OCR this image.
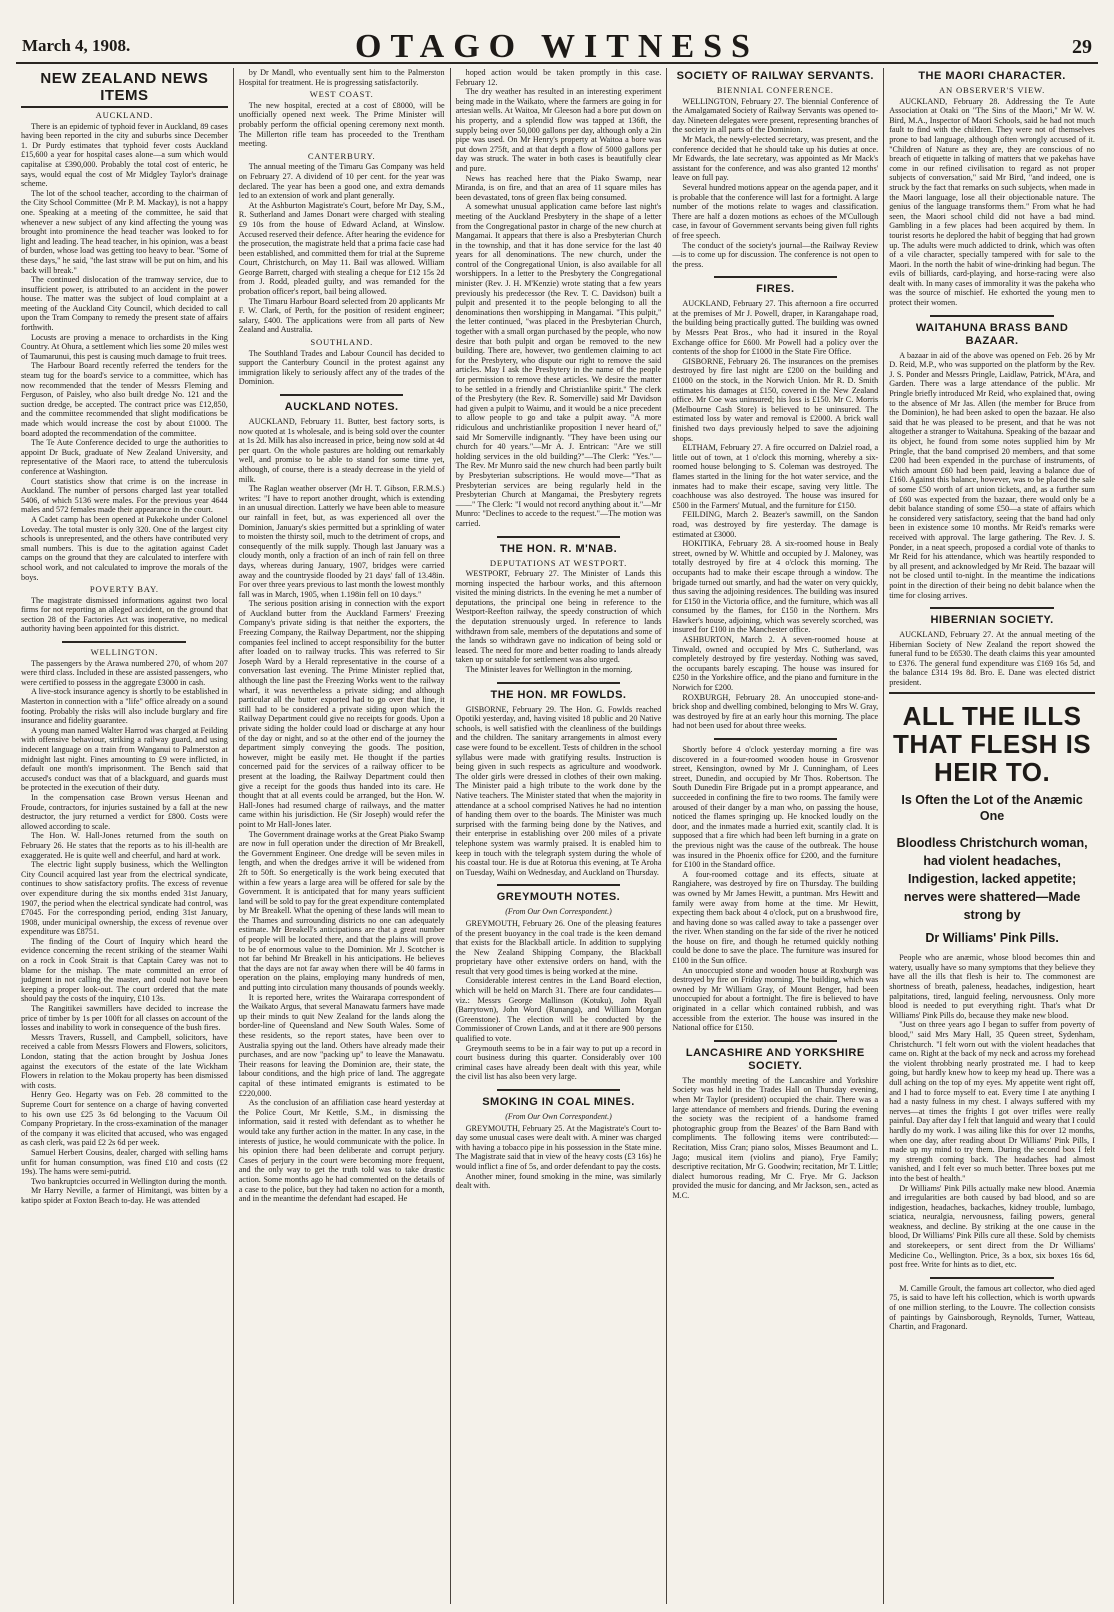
March 4, 1908.	OTAGO WITNESS	29
NEW ZEALAND NEWS ITEMS
AUCKLAND.

There is an epidemic of typhoid fever in Auckland, 89 cases having been reported in the city and suburbs since December 1. Dr Purdy estimates that typhoid fever costs Auckland £15,600 a year for hospital cases alone—a sum which would capitalise at £390,000. Probably the total cost of enteric, he says, would equal the cost of Mr Midgley Taylor's drainage scheme.

The lot of the school teacher, according to the chairman of the City School Committee (Mr P. M. Mackay), is not a happy one. Speaking at a meeting of the committee, he said that whenever a new subject of any kind affecting the young was brought into prominence the head teacher was looked to for light and leading. The head teacher, in his opinion, was a beast of burden, whose load was getting too heavy to bear. "Some of these days," he said, "the last straw will be put on him, and his back will break."

The continued dislocation of the tramway service, due to insufficient power, is attributed to an accident in the power house. The matter was the subject of loud complaint at a meeting of the Auckland City Council, which decided to call upon the Tram Company to remedy the present state of affairs forthwith.

Locusts are proving a menace to orchardists in the King Country. At Ohura, a settlement which lies some 20 miles west of Taumarunui, this pest is causing much damage to fruit trees.

The Harbour Board recently referred the tenders for the steam tug for the board's service to a committee, which has now recommended that the tender of Messrs Fleming and Ferguson, of Paisley, who also built dredge No. 121 and the suction dredge, be accepted. The contract price was £12,850, and the committee recommended that slight modifications be made which would increase the cost by about £1000. The board adopted the recommendation of the committee.

The Te Aute Conference decided to urge the authorities to appoint Dr Buck, graduate of New Zealand University, and representative of the Maori race, to attend the tuberculosis conference at Washington.

Court statistics show that crime is on the increase in Auckland. The number of persons charged last year totalled 5406, of which 5136 were males. For the previous year 4644 males and 572 females made their appearance in the court.

A Cadet camp has been opened at Pukekohe under Colonel Loveday. The total muster is only 320. One of the largest city schools is unrepresented, and the others have contributed very small numbers. This is due to the agitation against Cadet camps on the ground that they are calculated to interfere with school work, and not calculated to improve the morals of the boys.

POVERTY BAY.

The magistrate dismissed informations against two local firms for not reporting an alleged accident, on the ground that section 28 of the Factories Act was inoperative, no medical authority having been appointed for this district.

WELLINGTON.

The passengers by the Arawa numbered 270, of whom 207 were third class. Included in these are assisted passengers, who were certified to possess in the aggregate £3000 in cash.

A live-stock insurance agency is shortly to be established in Masterton in connection with a "life" office already on a sound footing. Probably the risks will also include burglary and fire insurance and fidelity guarantee.

A young man named Walter Harrod was charged at Feilding with offensive behaviour, striking a railway guard, and using indecent language on a train from Wanganui to Palmerston at midnight last night. Fines amounting to £9 were inflicted, in default one month's imprisonment. The Bench said that accused's conduct was that of a blackguard, and guards must be protected in the execution of their duty.

In the compensation case Brown versus Heenan and Froude, contractors, for injuries sustained by a fall at the new destructor, the jury returned a verdict for £800. Costs were allowed according to scale.

The Hon. W. Hall-Jones returned from the south on February 26. He states that the reports as to his ill-health are exaggerated. He is quite well and cheerful, and hard at work.

The electric light supply business, which the Wellington City Council acquired last year from the electrical syndicate, continues to show satisfactory profits. The excess of revenue over expenditure during the six months ended 31st January, 1907, the period when the electrical syndicate had control, was £7045. For the corresponding period, ending 31st January, 1908, under municipal ownership, the excess of revenue over expenditure was £8751.

The finding of the Court of Inquiry which heard the evidence concerning the recent striking of the steamer Waihi on a rock in Cook Strait is that Captain Carey was not to blame for the mishap. The mate committed an error of judgment in not calling the master, and could not have been keeping a proper look-out. The court ordered that the mate should pay the costs of the inquiry, £10 13s.

The Rangitikei sawmillers have decided to increase the price of timber by 1s per 100ft for all classes on account of the losses and inability to work in consequence of the bush fires.

Messrs Travers, Russell, and Campbell, solicitors, have received a cable from Messrs Flowers and Flowers, solicitors, London, stating that the action brought by Joshua Jones against the executors of the estate of the late Wickham Flowers in relation to the Mokau property has been dismissed with costs.

Henry Geo. Hegarty was on Feb. 28 committed to the Supreme Court for sentence on a charge of having converted to his own use £25 3s 6d belonging to the Vacuum Oil Company Proprietary. In the cross-examination of the manager of the company it was elicited that accused, who was engaged as cash clerk, was paid £2 2s 6d per week.

Samuel Herbert Cousins, dealer, charged with selling hams unfit for human consumption, was fined £10 and costs (£2 19s). The hams were semi-putrid.

Two bankruptcies occurred in Wellington during the month.

Mr Harry Neville, a farmer of Himitangi, was bitten by a katipo spider at Foxton Beach to-day. He was attended

by Dr Mandl, who eventually sent him to the Palmerston Hospital for treatment. He is progressing satisfactorily.

WEST COAST.

The new hospital, erected at a cost of £8000, will be unofficially opened next week. The Prime Minister will probably perform the official opening ceremony next month. The Millerton rifle team has proceeded to the Trentham meeting.

CANTERBURY.

The annual meeting of the Timaru Gas Company was held on February 27. A dividend of 10 per cent. for the year was declared. The year has been a good one, and extra demands led to an extension of work and plant generally.

At the Ashburton Magistrate's Court, before Mr Day, S.M., R. Sutherland and James Donart were charged with stealing £9 10s from the house of Edward Acland, at Winslow. Accused reserved their defence. After hearing the evidence for the prosecution, the magistrate held that a prima facie case had been established, and committed them for trial at the Supreme Court, Christchurch, on May 11. Bail was allowed. William George Barrett, charged with stealing a cheque for £12 15s 2d from J. Rodd, pleaded guilty, and was remanded for the probation officer's report, bail being allowed.

The Timaru Harbour Board selected from 20 applicants Mr F. W. Clark, of Perth, for the position of resident engineer; salary, £400. The applications were from all parts of New Zealand and Australia.

SOUTHLAND.

The Southland Trades and Labour Council has decided to support the Canterbury Council in the protest against any immigration likely to seriously affect any of the trades of the Dominion.

AUCKLAND NOTES.

AUCKLAND, February 11. Butter, best factory sorts, is now quoted at 1s wholesale, and is being sold over the counter at 1s 2d. Milk has also increased in price, being now sold at 4d per quart. On the whole pastures are holding out remarkably well, and promise to be able to stand for some time yet, although, of course, there is a steady decrease in the yield of milk.

The Raglan weather observer (Mr H. T. Gibson, F.R.M.S.) writes: "I have to report another drought, which is extending in an unusual direction. Latterly we have been able to measure our rainfall in feet, but, as was experienced all over the Dominion, January's skies permitted but a sprinkling of water to moisten the thirsty soil, much to the detriment of crops, and consequently of the milk supply. Though last January was a cloudy month, only a fraction of an inch of rain fell on three days, whereas during January, 1907, bridges were carried away and the countryside flooded by 21 days' fall of 13.48in. For over three years previous to last month the lowest monthly fall was in March, 1905, when 1.198in fell on 10 days."

The serious position arising in connection with the export of Auckland butter from the Auckland Farmers' Freezing Company's private siding is that neither the exporters, the Freezing Company, the Railway Department, nor the shipping companies feel inclined to accept responsibility for the butter after loaded on to railway trucks. This was referred to Sir Joseph Ward by a Herald representative in the course of a conversation last evening. The Prime Minister replied that, although the line past the Freezing Works went to the railway wharf, it was nevertheless a private siding; and although particular all the butter exported had to go over that line, it still had to be considered a private siding upon which the Railway Department could give no receipts for goods. Upon a private siding the holder could load or discharge at any hour of the day or night, and so at the other end of the journey the department simply conveying the goods. The position, however, might be easily met. He thought if the parties concerned paid for the services of a railway officer to be present at the loading, the Railway Department could then give a receipt for the goods thus handed into its care. He thought that at all events could be arranged, but the Hon. W. Hall-Jones had resumed charge of railways, and the matter came within his jurisdiction. He (Sir Joseph) would refer the point to Mr Hall-Jones later.

The Government drainage works at the Great Piako Swamp are now in full operation under the direction of Mr Breakell, the Government Engineer. One dredge will be seven miles in length, and when the dredges arrive it will be widened from 2ft to 50ft. So energetically is the work being executed that within a few years a large area will be offered for sale by the Government. It is anticipated that for many years sufficient land will be sold to pay for the great expenditure contemplated by Mr Breakell. What the opening of these lands will mean to the Thames and surrounding districts no one can adequately estimate. Mr Breakell's anticipations are that a great number of people will be located there, and that the plains will prove to be of enormous value to the Dominion. Mr J. Scotcher is not far behind Mr Breakell in his anticipations. He believes that the days are not far away when there will be 40 farms in operation on the plains, employing many hundreds of men, and putting into circulation many thousands of pounds weekly.

It is reported here, writes the Wairarapa correspondent of the Waikato Argus, that several Manawatu farmers have made up their minds to quit New Zealand for the lands along the border-line of Queensland and New South Wales. Some of these residents, so the report states, have been over to Australia spying out the land. Others have already made their purchases, and are now "packing up" to leave the Manawatu. Their reasons for leaving the Dominion are, their state, the labour conditions, and the high price of land. The aggregate capital of these intimated emigrants is estimated to be £220,000.

As the conclusion of an affiliation case heard yesterday at the Police Court, Mr Kettle, S.M., in dismissing the information, said it rested with defendant as to whether he would take any further action in the matter. In any case, in the interests of justice, he would communicate with the police. In his opinion there had been deliberate and corrupt perjury. Cases of perjury in the court were becoming more frequent, and the only way to get the truth told was to take drastic action. Some months ago he had commented on the details of a case to the police, but they had taken no action for a month, and in the meantime the defendant had escaped. He

hoped action would be taken promptly in this case. February 12.

The dry weather has resulted in an interesting experiment being made in the Waikato, where the farmers are going in for artesian wells. At Waitoa, Mr Gleeson had a bore put down on his property, and a splendid flow was tapped at 136ft, the supply being over 50,000 gallons per day, although only a 2in pipe was used. On Mr Henry's property at Waitoa a bore was put down 275ft, and at that depth a flow of 5000 gallons per day was struck. The water in both cases is beautifully clear and pure.

News has reached here that the Piako Swamp, near Miranda, is on fire, and that an area of 11 square miles has been devastated, tons of green flax being consumed.

A somewhat unusual application came before last night's meeting of the Auckland Presbytery in the shape of a letter from the Congregational pastor in charge of the new church at Mangamai. It appears that there is also a Presbyterian Church in the township, and that it has done service for the last 40 years for all denominations. The new church, under the control of the Congregational Union, is also available for all worshippers. In a letter to the Presbytery the Congregational minister (Rev. J. H. M'Kenzie) wrote stating that a few years previously his predecessor (the Rev. T. C. Davidson) built a pulpit and presented it to the people belonging to all the denominations then worshipping in Mangamai. "This pulpit," the letter continued, "was placed in the Presbyterian Church, together with a small organ purchased by the people, who now desire that both pulpit and organ be removed to the new building. There are, however, two gentlemen claiming to act for the Presbytery, who dispute our right to remove the said articles. May I ask the Presbytery in the name of the people for permission to remove these articles. We desire the matter to be settled in a friendly and Christianlike spirit." The clerk of the Presbytery (the Rev. R. Somerville) said Mr Davidson had given a pulpit to Waimu, and it would be a nice precedent to allow people to go and take a pulpit away. "A more ridiculous and unchristianlike proposition I never heard of," said Mr Somerville indignantly. "They have been using our church for 40 years."—Mr A. J. Entrican: "Are we still holding services in the old building?"—The Clerk: "Yes."—The Rev. Mr Munro said the new church had been partly built by Presbyterian subscriptions. He would move—"That as Presbyterian services are being regularly held in the Presbyterian Church at Mangamai, the Presbytery regrets——" The Clerk: "I would not record anything about it."—Mr Munro: "Declines to accede to the request."—The motion was carried.

THE HON. R. M'NAB.
DEPUTATIONS AT WESTPORT.

WESTPORT, February 27. The Minister of Lands this morning inspected the harbour works, and this afternoon visited the mining districts. In the evening he met a number of deputations, the principal one being in reference to the Westport-Reefton railway, the speedy construction of which the deputation strenuously urged. In reference to lands withdrawn from sale, members of the deputations and some of the lands so withdrawn gave no indication of being sold or leased. The need for more and better roading to lands already taken up or suitable for settlement was also urged.

The Minister leaves for Wellington in the morning.

THE HON. MR FOWLDS.

GISBORNE, February 29. The Hon. G. Fowlds reached Opotiki yesterday, and, having visited 18 public and 20 Native schools, is well satisfied with the cleanliness of the buildings and the children. The sanitary arrangements in almost every case were found to be excellent. Tests of children in the school syllabus were made with gratifying results. Instruction is being given in such respects as agriculture and woodwork. The older girls were dressed in clothes of their own making. The Minister paid a high tribute to the work done by the Native teachers. The Minister stated that when the majority in attendance at a school comprised Natives he had no intention of handing them over to the boards. The Minister was much surprised with the farming being done by the Natives, and their enterprise in establishing over 200 miles of a private telephone system was warmly praised. It is enabled him to keep in touch with the telegraph system during the whole of his coastal tour. He is due at Rotorua this evening, at Te Aroha on Tuesday, Waihi on Wednesday, and Auckland on Thursday.

GREYMOUTH NOTES.
(From Our Own Correspondent.)

GREYMOUTH, February 26. One of the pleasing features of the present buoyancy in the coal trade is the keen demand that exists for the Blackball article. In addition to supplying the New Zealand Shipping Company, the Blackball proprietary have other extensive orders on hand, with the result that very good times is being worked at the mine.

Considerable interest centres in the Land Board election, which will be held on March 31. There are four candidates—viz.: Messrs George Mallinson (Kotuku), John Ryall (Barrytown), John Word (Runanga), and William Morgan (Greenstone). The election will be conducted by the Commissioner of Crown Lands, and at it there are 900 persons qualified to vote.

Greymouth seems to be in a fair way to put up a record in court business during this quarter. Considerably over 100 criminal cases have already been dealt with this year, while the civil list has also been very large.

SMOKING IN COAL MINES.
(From Our Own Correspondent.)

GREYMOUTH, February 25. At the Magistrate's Court to-day some unusual cases were dealt with. A miner was charged with having a tobacco pipe in his possession in the State mine. The Magistrate said that in view of the heavy costs (£3 16s) he would inflict a fine of 5s, and order defendant to pay the costs.

Another miner, found smoking in the mine, was similarly dealt with.

SOCIETY OF RAILWAY SERVANTS.
BIENNIAL CONFERENCE.

WELLINGTON, February 27. The biennial Conference of the Amalgamated Society of Railway Servants was opened to-day. Nineteen delegates were present, representing branches of the society in all parts of the Dominion.

Mr Mack, the newly-elected secretary, was present, and the conference decided that he should take up his duties at once. Mr Edwards, the late secretary, was appointed as Mr Mack's assistant for the conference, and was also granted 12 months' leave on full pay.

Several hundred motions appear on the agenda paper, and it is probable that the conference will last for a fortnight. A large number of the motions relate to wages and classification. There are half a dozen motions as echoes of the M'Cullough case, in favour of Government servants being given full rights of free speech.

The conduct of the society's journal—the Railway Review—is to come up for discussion. The conference is not open to the press.

FIRES.

AUCKLAND, February 27. This afternoon a fire occurred at the premises of Mr J. Powell, draper, in Karangahape road, the building being practically gutted. The building was owned by Messrs Peat Bros., who had it insured in the Royal Exchange office for £600. Mr Powell had a policy over the contents of the shop for £1000 in the State Fire Office.

GISBORNE, February 26. The insurances on the premises destroyed by fire last night are £200 on the building and £1000 on the stock, in the Norwich Union. Mr R. D. Smith estimates his damages at £150, covered in the New Zealand office. Mr Coe was uninsured; his loss is £150. Mr C. Morris (Melbourne Cash Store) is believed to be uninsured. The estimated loss by water and removal is £2000. A brick wall finished two days previously helped to save the adjoining shops.

ELTHAM, February 27. A fire occurred on Dalziel road, a little out of town, at 1 o'clock this morning, whereby a six-roomed house belonging to S. Coleman was destroyed. The flames started in the lining for the hot water service, and the inmates had to make their escape, saving very little. The coachhouse was also destroyed. The house was insured for £500 in the Farmers' Mutual, and the furniture for £150.

FEILDING, March 2. Beazer's sawmill, on the Sandon road, was destroyed by fire yesterday. The damage is estimated at £3000.

HOKITIKA, February 28. A six-roomed house in Bealy street, owned by W. Whittle and occupied by J. Maloney, was totally destroyed by fire at 4 o'clock this morning. The occupants had to make their escape through a window. The brigade turned out smartly, and had the water on very quickly, thus saving the adjoining residences. The building was insured for £150 in the Victoria office, and the furniture, which was all consumed by the flames, for £150 in the Northern. Mrs Hawker's house, adjoining, which was severely scorched, was insured for £100 in the Manchester office.

ASHBURTON, March 2. A seven-roomed house at Tinwald, owned and occupied by Mrs C. Sutherland, was completely destroyed by fire yesterday. Nothing was saved, the occupants barely escaping. The house was insured for £250 in the Yorkshire office, and the piano and furniture in the Norwich for £200.

ROXBURGH, February 28. An unoccupied stone-and-brick shop and dwelling combined, belonging to Mrs W. Gray, was destroyed by fire at an early hour this morning. The place had not been used for about three weeks.

Shortly before 4 o'clock yesterday morning a fire was discovered in a four-roomed wooden house in Grosvenor street, Kensington, owned by Mr J. Cunningham, of Lees street, Dunedin, and occupied by Mr Thos. Robertson. The South Dunedin Fire Brigade put in a prompt appearance, and succeeded in confining the fire to two rooms. The family were aroused of their danger by a man who, on passing the house, noticed the flames springing up. He knocked loudly on the door, and the inmates made a hurried exit, scantily clad. It is supposed that a fire which had been left burning in a grate on the previous night was the cause of the outbreak. The house was insured in the Phoenix office for £200, and the furniture for £100 in the Standard office.

A four-roomed cottage and its effects, situate at Rangiahere, was destroyed by fire on Thursday. The building was owned by Mr James Hewitt, a puntman. Mrs Hewitt and family were away from home at the time. Mr Hewitt, expecting them back about 4 o'clock, put on a brushwood fire, and having done so was called away to take a passenger over the river. When standing on the far side of the river he noticed the house on fire, and though he returned quickly nothing could be done to save the place. The furniture was insured for £100 in the Sun office.

An unoccupied stone and wooden house at Roxburgh was destroyed by fire on Friday morning. The building, which was owned by Mr William Gray, of Mount Benger, had been unoccupied for about a fortnight. The fire is believed to have originated in a cellar which contained rubbish, and was accessible from the exterior. The house was insured in the National office for £150.

LANCASHIRE AND YORKSHIRE SOCIETY.

The monthly meeting of the Lancashire and Yorkshire Society was held in the Trades Hall on Thursday evening, when Mr Taylor (president) occupied the chair. There was a large attendance of members and friends. During the evening the society was the recipient of a handsome framed photographic group from the Beazes' of the Barn Band with compliments. The following items were contributed:—Recitation, Miss Cran; piano solos, Misses Beaumont and L. Jago; musical item (violins and piano), Frye Family; descriptive recitation, Mr G. Goodwin; recitation, Mr T. Little; dialect humorous reading, Mr C. Frye. Mr G. Jackson provided the music for dancing, and Mr Jackson, sen., acted as M.C.

THE MAORI CHARACTER.
AN OBSERVER'S VIEW.

AUCKLAND, February 28. Addressing the Te Aute Association at Otaki on "The Sins of the Maori," Mr W. W. Bird, M.A., Inspector of Maori Schools, said he had not much fault to find with the children. They were not of themselves prone to bad language, although often wrongly accused of it. "Children of Nature as they are, they are conscious of no breach of etiquette in talking of matters that we pakehas have come in our refined civilisation to regard as not proper subjects of conversation," said Mr Bird, "and indeed, one is struck by the fact that remarks on such subjects, when made in the Maori language, lose all their objectionable nature. The genius of the language transforms them." From what he had seen, the Maori school child did not have a bad mind. Gambling in a few places had been acquired by them. In tourist resorts he deplored the habit of begging that had grown up. The adults were much addicted to drink, which was often of a vile character, specially tampered with for sale to the Maori. In the north the habit of wine-drinking had begun. The evils of billiards, card-playing, and horse-racing were also dealt with. In many cases of immorality it was the pakeha who was the source of mischief. He exhorted the young men to protect their women.

WAITAHUNA BRASS BAND BAZAAR.

A bazaar in aid of the above was opened on Feb. 26 by Mr D. Reid, M.P., who was supported on the platform by the Rev. J. S. Ponder and Messrs Pringle, Laidlaw, Patrick, M'Ara, and Garden. There was a large attendance of the public. Mr Pringle briefly introduced Mr Reid, who explained that, owing to the absence of Mr Jas. Allen (the member for Bruce from the Dominion), he had been asked to open the bazaar. He also said that he was pleased to be present, and that he was not altogether a stranger to Waitahuna. Speaking of the bazaar and its object, he found from some notes supplied him by Mr Pringle, that the band comprised 20 members, and that some £200 had been expended in the purchase of instruments, of which amount £60 had been paid, leaving a balance due of £160. Against this balance, however, was to be placed the sale of some £50 worth of art union tickets, and, as a further sum of £60 was expected from the bazaar, there would only be a debit balance standing of some £50—a state of affairs which he considered very satisfactory, seeing that the band had only been in existence some 10 months. Mr Reid's remarks were received with approval. The large gathering. The Rev. J. S. Ponder, in a neat speech, proposed a cordial vote of thanks to Mr Reid for his attendance, which was heartily responded to by all present, and acknowledged by Mr Reid. The bazaar will not be closed until to-night. In the meantime the indications point in the direction of their being no debit balance when the time for closing arrives.

HIBERNIAN SOCIETY.

AUCKLAND, February 27. At the annual meeting of the Hibernian Society of New Zealand the report showed the funeral fund to be £6530. The death claims this year amounted to £376. The general fund expenditure was £169 16s 5d, and the balance £314 19s 8d. Bro. E. Dane was elected district president.

ALL THE ILLS THAT FLESH IS HEIR TO.
Is Often the Lot of the Anæmic One
Bloodless Christchurch woman, had violent headaches, Indigestion, lacked appetite; nerves were shattered—Made strong by
Dr Williams' Pink Pills.

People who are anæmic, whose blood becomes thin and watery, usually have so many symptoms that they believe they have all the ills that flesh is heir to. The commonest are shortness of breath, paleness, headaches, indigestion, heart palpitations, tired, languid feeling, nervousness. Only more blood is needed to put everything right. That's what Dr Williams' Pink Pills do, because they make new blood.

"Just on three years ago I began to suffer from poverty of blood," said Mrs Mary Hall, 35 Queen street, Sydenham, Christchurch. "I felt worn out with the violent headaches that came on. Right at the back of my neck and across my forehead the violent throbbing nearly prostrated me. I had to keep going, but hardly knew how to keep my head up. There was a dull aching on the top of my eyes. My appetite went right off, and I had to force myself to eat. Every time I ate anything I had a nasty fulness in my chest. I always suffered with my nerves—at times the frights I got over trifles were really painful. Day after day I felt that languid and weary that I could hardly do my work. I was ailing like this for over 12 months, when one day, after reading about Dr Williams' Pink Pills, I made up my mind to try them. During the second box I felt my strength coming back. The headaches had almost vanished, and I felt ever so much better. Three boxes put me into the best of health."

Dr Williams' Pink Pills actually make new blood. Anæmia and irregularities are both caused by bad blood, and so are indigestion, headaches, backaches, kidney trouble, lumbago, sciatica, neuralgia, nervousness, failing powers, general weakness, and decline. By striking at the one cause in the blood, Dr Williams' Pink Pills cure all these. Sold by chemists and storekeepers, or sent direct from the Dr Williams' Medicine Co., Wellington. Price, 3s a box, six boxes 16s 6d, post free. Write for hints as to diet, etc.

M. Camille Groult, the famous art collector, who died aged 75, is said to have left his collection, which is worth upwards of one million sterling, to the Louvre. The collection consists of paintings by Gainsborough, Reynolds, Turner, Watteau, Chartin, and Fragonard.
